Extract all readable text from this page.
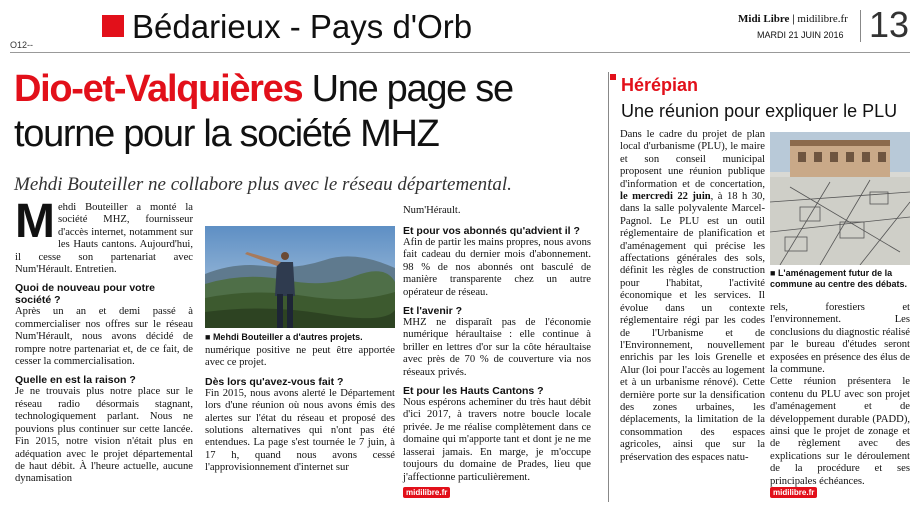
Bédarieux - Pays d'Orb
O12--
Midi Libre | midilibre.fr
MARDI 21 JUIN 2016 13
Dio-et-Valquières Une page se tourne pour la société MHZ
Mehdi Bouteiller ne collabore plus avec le réseau départemental.

Mehdi Bouteiller a monté la société MHZ, fournisseur d'accès internet, notamment sur les Hauts cantons. Aujourd'hui, il cesse son partenariat avec Num'Hérault. Entretien.

Quoi de nouveau pour votre société ?

Après un an et demi passé à commercialiser nos offres sur le réseau Num'Hérault, nous avons décidé de rompre notre partenariat et, de ce fait, de cesser la commercialisation.

Quelle en est la raison ?

Je ne trouvais plus notre place sur le réseau radio désormais stagnant, technologiquement parlant. Nous ne pouvions plus continuer sur cette lancée. Fin 2015, notre vision n'était plus en adéquation avec le projet départemental de haut débit. À l'heure actuelle, aucune dynamisation

■ Mehdi Bouteiller a d'autres projets.

numérique positive ne peut être apportée avec ce projet.

Dès lors qu'avez-vous fait ?

Fin 2015, nous avons alerté le Département lors d'une réunion où nous avons émis des alertes sur l'état du réseau et proposé des solutions alternatives qui n'ont pas été entendues. La page s'est tournée le 7 juin, à 17 h, quand nous avons cessé l'approvisionnement d'internet sur

Num'Hérault.

Et pour vos abonnés qu'advient il ?

Afin de partir les mains propres, nous avons fait cadeau du dernier mois d'abonnement. 98 % de nos abonnés ont basculé de manière transparente chez un autre opérateur de réseau.

Et l'avenir ?

MHZ ne disparaît pas de l'économie numérique héraultaise : elle continue à briller en lettres d'or sur la côte héraultaise avec près de 70 % de couverture via nos réseaux privés.

Et pour les Hauts Cantons ?

Nous espérons acheminer du très haut débit d'ici 2017, à travers notre boucle locale privée. Je me réalise complètement dans ce domaine qui m'apporte tant et dont je ne me lasserai jamais. En marge, je m'occupe toujours du domaine de Prades, lieu que j'affectionne particulièrement.

midilibre.fr
Hérépian
Une réunion pour expliquer le PLU

Dans le cadre du projet de plan local d'urbanisme (PLU), le maire et son conseil municipal proposent une réunion publique d'information et de concertation, le mercredi 22 juin, à 18 h 30, dans la salle polyvalente Marcel-Pagnol. Le PLU est un outil réglementaire de planification et d'aménagement qui précise les affectations générales des sols, définit les règles de construction pour l'habitat, l'activité économique et les services. Il évolue dans un contexte réglementaire régi par les codes de l'Urbanisme et de l'Environnement, nouvellement enrichis par les lois Grenelle et Alur (loi pour l'accès au logement et à un urbanisme rénové). Cette dernière porte sur la densification des zones urbaines, les déplacements, la limitation de la consommation des espaces agricoles, ainsi que sur la préservation des espaces natu-

■ L'aménagement futur de la commune au centre des débats.

rels, forestiers et l'environnement. Les conclusions du diagnostic réalisé par le bureau d'études seront exposées en présence des élus de la commune.

Cette réunion présentera le contenu du PLU avec son projet d'aménagement et de développement durable (PADD), ainsi que le projet de zonage et de règlement avec des explications sur le déroulement de la procédure et ses principales échéances.

midilibre.fr
